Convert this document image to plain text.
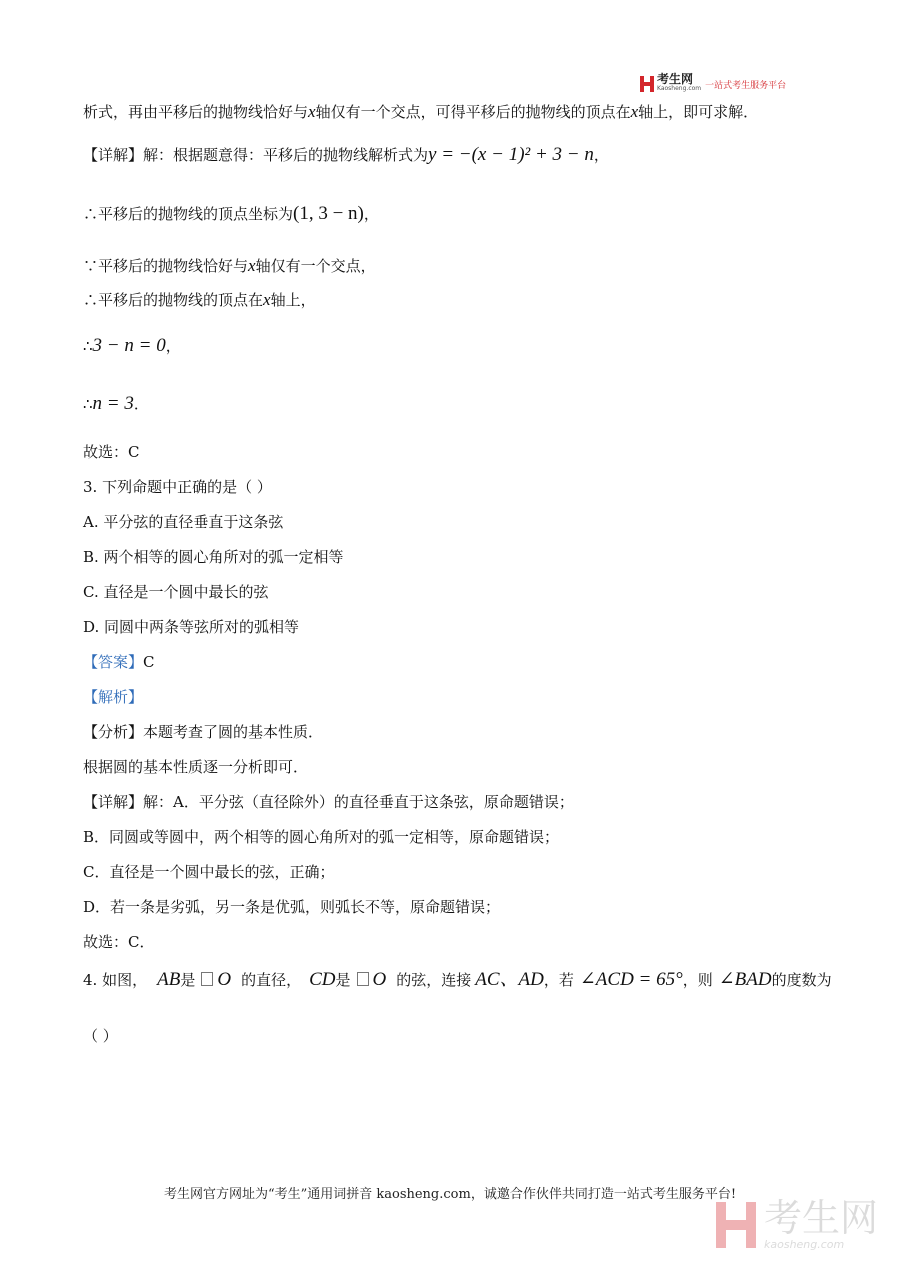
考生网
Kaosheng.com 一站式考生服务平台
析式，再由平移后的抛物线恰好与x轴仅有一个交点，可得平移后的抛物线的顶点在x轴上，即可求解．
【详解】解：根据题意得：平移后的抛物线解析式为y = −(x − 1)² + 3 − n，
∴平移后的抛物线的顶点坐标为(1, 3 − n)，
∵平移后的抛物线恰好与x轴仅有一个交点，
∴平移后的抛物线的顶点在x轴上，
∴3 − n = 0，
∴n = 3．
故选：C
3. 下列命题中正确的是（ ）
A. 平分弦的直径垂直于这条弦
B. 两个相等的圆心角所对的弧一定相等
C. 直径是一个圆中最长的弦
D. 同圆中两条等弦所对的弧相等
【答案】C
【解析】
【分析】本题考查了圆的基本性质．
根据圆的基本性质逐一分析即可．
【详解】解：A．平分弦（直径除外）的直径垂直于这条弦，原命题错误；
B．同圆或等圆中，两个相等的圆心角所对的弧一定相等，原命题错误；
C．直径是一个圆中最长的弦，正确；
D．若一条是劣弧，另一条是优弧，则弧长不等，原命题错误；
故选：C．
4. 如图， AB是 O 的直径， CD是 O 的弦，连接 AC、AD，若 ∠ACD = 65°，则 ∠BAD的度数为
（ ）
考生网官方网址为“考生”通用词拼音 kaosheng.com，诚邀合作伙伴共同打造一站式考生服务平台!
考生网
kaosheng.com
